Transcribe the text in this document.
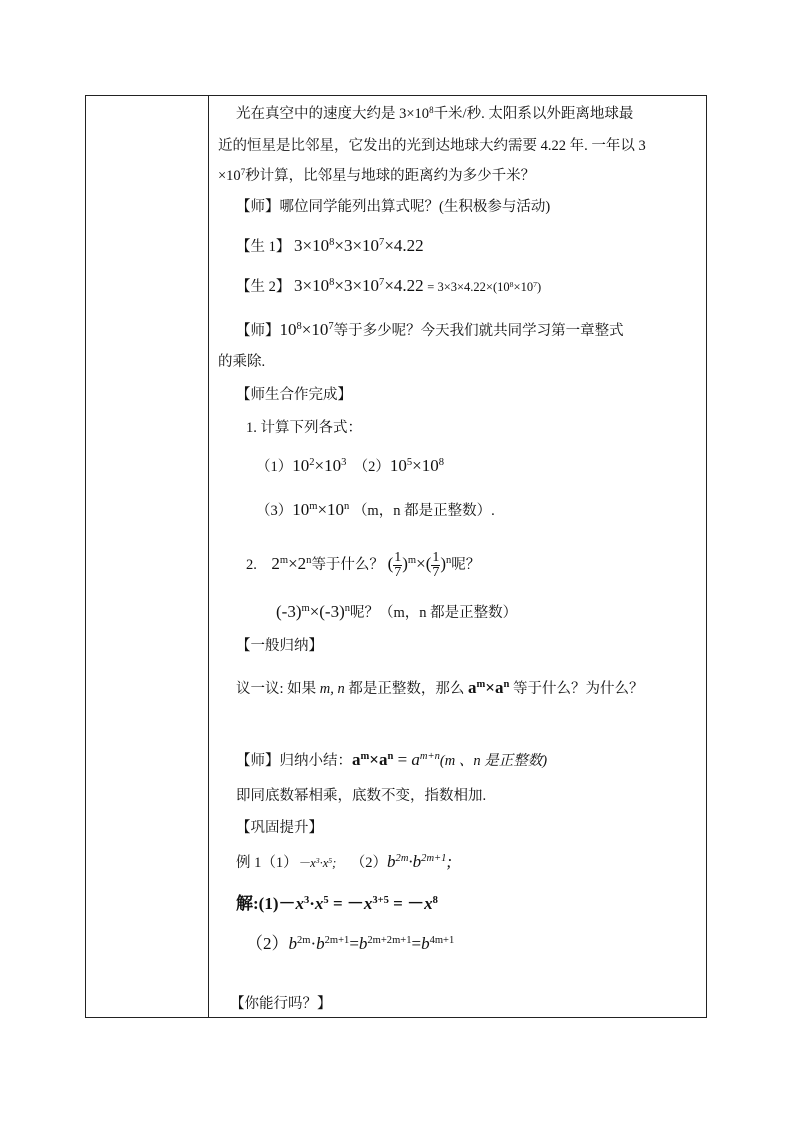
光在真空中的速度大约是 $3\times 10^8$千米/秒. 太阳系以外距离地球最
近的恒星是比邻星，它发出的光到达地球大约需要 4.22 年. 一年以 3
$\times 10^7$秒计算，比邻星与地球的距离约为多少千米？
【师】哪位同学能列出算式呢？(生积极参与活动)
【生 1】 $3\times 10^8\times 3\times 10^7\times 4.22$
【生 2】 $3\times 10^8\times 3\times 10^7\times 4.22 = 3\times 3\times 4.22\times(10^8\times 10^7)$
【师】$10^8\times 10^7$等于多少呢？今天我们就共同学习第一章整式
的乘除.
【师生合作完成】
1. 计算下列各式：
$(1)10^2\times 10^3$ $(2)10^5\times 10^8$
$(3)10^m\times 10^n$ （m，n 都是正整数）.
2. $2^m\times 2^n$等于什么？ ( $\frac{1}{7} )^m\times( \frac{1}{7} )^n$呢？
$(-3)^m\times(-3)^n$呢？（m，n 都是正整数）
【一般归纳】
议一议: 如果 m, n 都是正整数，那么 $a^m\times a^n$ 等于什么？为什么？
【师】归纳小结：$a^m\times a^n = a^{m+n}(m$ 、n 是正整数)
即同底数幂相乘，底数不变，指数相加.
【巩固提升】
例 $1(1)-x^3\cdot x^5$; $(2)b^{2m}\cdot b^{2m+1}$;
解$:(1)-x^3\cdot x^5 = -x^{3+5} = -x^8$
$(2)b^{2m}\cdot b^{2m+1}=b^{2m+2m+1}=b^{4m+1}$
【你能行吗？】
